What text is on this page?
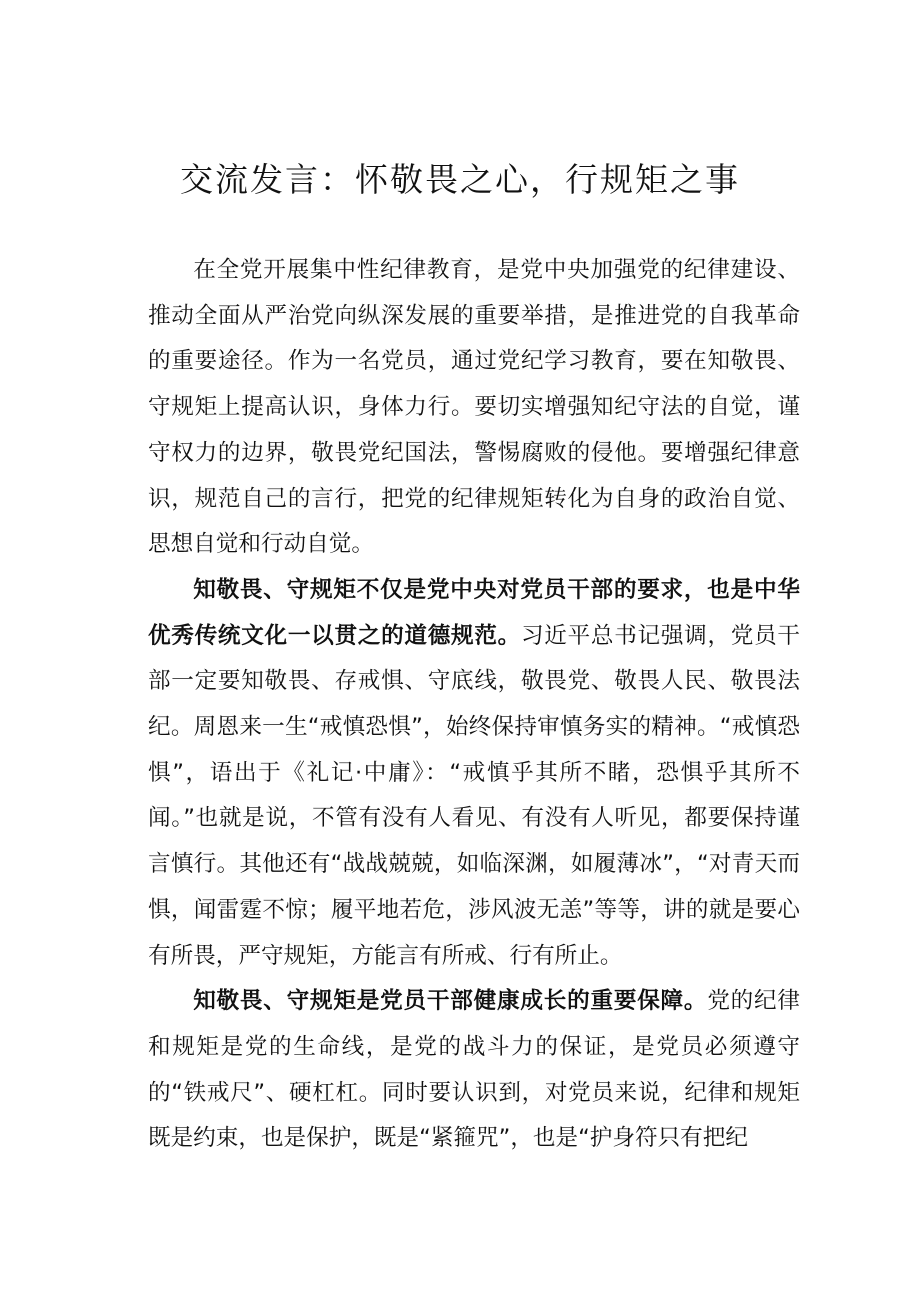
交流发言：怀敬畏之心，行规矩之事

在全党开展集中性纪律教育，是党中央加强党的纪律建设、推动全面从严治党向纵深发展的重要举措，是推进党的自我革命的重要途径。作为一名党员，通过党纪学习教育，要在知敬畏、守规矩上提高认识，身体力行。要切实增强知纪守法的自觉，谨守权力的边界，敬畏党纪国法，警惕腐败的侵他。要增强纪律意识，规范自己的言行，把党的纪律规矩转化为自身的政治自觉、思想自觉和行动自觉。

知敬畏、守规矩不仅是党中央对党员干部的要求，也是中华优秀传统文化一以贯之的道德规范。习近平总书记强调，党员干部一定要知敬畏、存戒惧、守底线，敬畏党、敬畏人民、敬畏法纪。周恩来一生“戒慎恐惧”，始终保持审慎务实的精神。“戒慎恐惧”，语出于《礼记·中庸》：“戒慎乎其所不睹，恐惧乎其所不闻。”也就是说，不管有没有人看见、有没有人听见，都要保持谨言慎行。其他还有“战战兢兢，如临深渊，如履薄冰”，“对青天而惧，闻雷霆不惊；履平地若危，涉风波无恙”等等，讲的就是要心有所畏，严守规矩，方能言有所戒、行有所止。

知敬畏、守规矩是党员干部健康成长的重要保障。党的纪律和规矩是党的生命线，是党的战斗力的保证，是党员必须遵守的“铁戒尺”、硬杠杠。同时要认识到，对党员来说，纪律和规矩既是约束，也是保护，既是“紧箍咒”，也是“护身符只有把纪
